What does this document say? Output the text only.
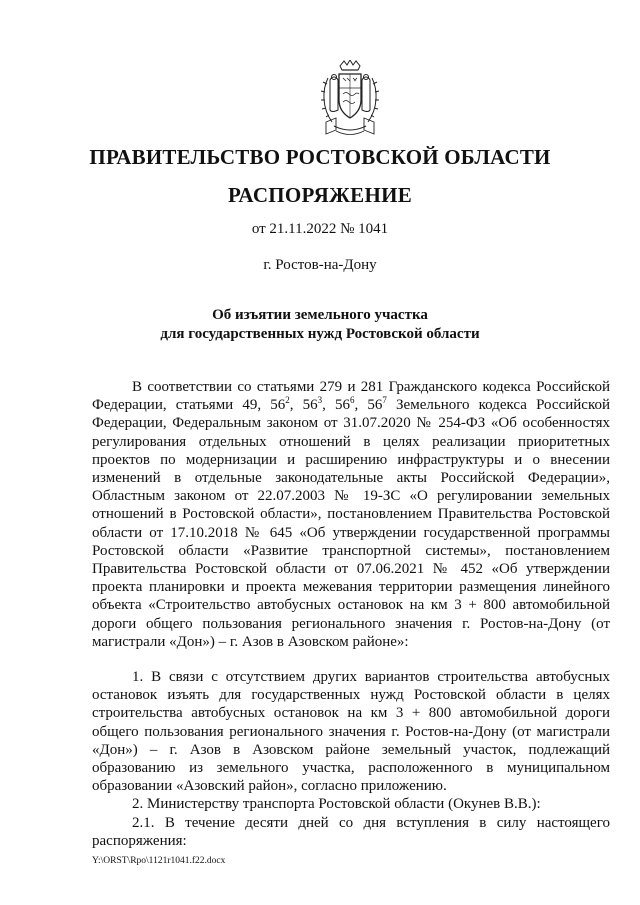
ПРАВИТЕЛЬСТВО РОСТОВСКОЙ ОБЛАСТИ
РАСПОРЯЖЕНИЕ
от 21.11.2022 № 1041
г. Ростов-на-Дону
Об изъятии земельного участка
для государственных нужд Ростовской области

В соответствии со статьями 279 и 281 Гражданского кодекса Российской Федерации, статьями 49, $56^2$, $56^3$, $56^6$, $56^7$ Земельного кодекса Российской Федерации, Федеральным законом от 31.07.2020 № 254-ФЗ «Об особенностях регулирования отдельных отношений в целях реализации приоритетных проектов по модернизации и расширению инфраструктуры и о внесении изменений в отдельные законодательные акты Российской Федерации», Областным законом от 22.07.2003 № 19-ЗС «О регулировании земельных отношений в Ростовской области», постановлением Правительства Ростовской области от 17.10.2018 № 645 «Об утверждении государственной программы Ростовской области «Развитие транспортной системы», постановлением Правительства Ростовской области от 07.06.2021 № 452 «Об утверждении проекта планировки и проекта межевания территории размещения линейного объекта «Строительство автобусных остановок на км 3 + 800 автомобильной дороги общего пользования регионального значения г. Ростов-на-Дону (от магистрали «Дон») – г. Азов в Азовском районе»:

1. В связи с отсутствием других вариантов строительства автобусных остановок изъять для государственных нужд Ростовской области в целях строительства автобусных остановок на км 3 + 800 автомобильной дороги общего пользования регионального значения г. Ростов-на-Дону (от магистрали «Дон») – г. Азов в Азовском районе земельный участок, подлежащий образованию из земельного участка, расположенного в муниципальном образовании «Азовский район», согласно приложению.

2. Министерству транспорта Ростовской области (Окунев В.В.):

2.1. В течение десяти дней со дня вступления в силу настоящего распоряжения:

Y:\ORST\Rpo\1121r1041.f22.docx
